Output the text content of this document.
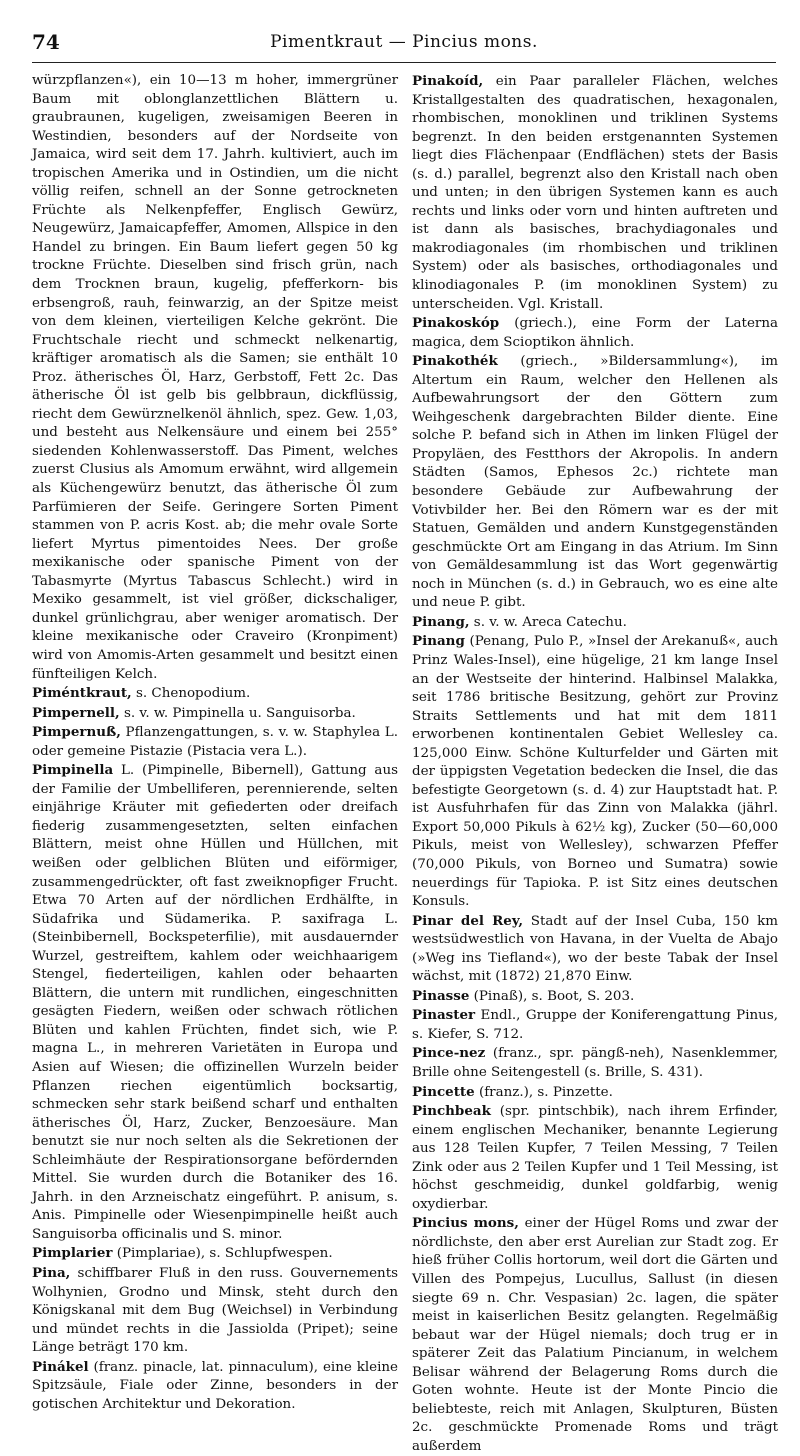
74	Pimentkraut — Pincius mons.

würzpflanzen«), ein 10—13 m hoher, immergrüner Baum mit oblonglanzettlichen Blättern u. graubraunen, kugeligen, zweisamigen Beeren in Westindien, besonders auf der Nordseite von Jamaica, wird seit dem 17. Jahrh. kultiviert, auch im tropischen Amerika und in Ostindien, um die nicht völlig reifen, schnell an der Sonne getrockneten Früchte als Nelkenpfeffer, Englisch Gewürz, Neugewürz, Jamaicapfeffer, Amomen, Allspice in den Handel zu bringen. Ein Baum liefert gegen 50 kg trockne Früchte. Dieselben sind frisch grün, nach dem Trocknen braun, kugelig, pfefferkorn- bis erbsengroß, rauh, feinwarzig, an der Spitze meist von dem kleinen, vierteiligen Kelche gekrönt. Die Fruchtschale riecht und schmeckt nelkenartig, kräftiger aromatisch als die Samen; sie enthält 10 Proz. ätherisches Öl, Harz, Gerbstoff, Fett 2c. Das ätherische Öl ist gelb bis gelbbraun, dickflüssig, riecht dem Gewürznelkenöl ähnlich, spez. Gew. 1,03, und besteht aus Nelkensäure und einem bei 255° siedenden Kohlenwasserstoff. Das Piment, welches zuerst Clusius als Amomum erwähnt, wird allgemein als Küchengewürz benutzt, das ätherische Öl zum Parfümieren der Seife. Geringere Sorten Piment stammen von P. acris Kost. ab; die mehr ovale Sorte liefert Myrtus pimentoides Nees. Der große mexikanische oder spanische Piment von der Tabasmyrte (Myrtus Tabascus Schlecht.) wird in Mexiko gesammelt, ist viel größer, dickschaliger, dunkel grünlichgrau, aber weniger aromatisch. Der kleine mexikanische oder Craveiro (Kronpiment) wird von Amomis-Arten gesammelt und besitzt einen fünfteiligen Kelch.

Piméntkraut, s. Chenopodium.

Pimpernell, s. v. w. Pimpinella u. Sanguisorba.

Pimpernuß, Pflanzengattungen, s. v. w. Staphylea L. oder gemeine Pistazie (Pistacia vera L.).

Pimpinella L. (Pimpinelle, Bibernell), Gattung aus der Familie der Umbelliferen, perennierende, selten einjährige Kräuter mit gefiederten oder dreifach fiederig zusammengesetzten, selten einfachen Blättern, meist ohne Hüllen und Hüllchen, mit weißen oder gelblichen Blüten und eiförmiger, zusammengedrückter, oft fast zweiknopfiger Frucht. Etwa 70 Arten auf der nördlichen Erdhälfte, in Südafrika und Südamerika. P. saxifraga L. (Steinbibernell, Bockspeterfilie), mit ausdauernder Wurzel, gestreiftem, kahlem oder weichhaarigem Stengel, fiederteiligen, kahlen oder behaarten Blättern, die untern mit rundlichen, eingeschnitten gesägten Fiedern, weißen oder schwach rötlichen Blüten und kahlen Früchten, findet sich, wie P. magna L., in mehreren Varietäten in Europa und Asien auf Wiesen; die offizinellen Wurzeln beider Pflanzen riechen eigentümlich bocksartig, schmecken sehr stark beißend scharf und enthalten ätherisches Öl, Harz, Zucker, Benzoesäure. Man benutzt sie nur noch selten als die Sekretionen der Schleimhäute der Respirationsorgane befördernden Mittel. Sie wurden durch die Botaniker des 16. Jahrh. in den Arzneischatz eingeführt. P. anisum, s. Anis. Pimpinelle oder Wiesenpimpinelle heißt auch Sanguisorba officinalis und S. minor.

Pimplarier (Pimplariae), s. Schlupfwespen.

Pina, schiffbarer Fluß in den russ. Gouvernements Wolhynien, Grodno und Minsk, steht durch den Königskanal mit dem Bug (Weichsel) in Verbindung und mündet rechts in die Jassiolda (Pripet); seine Länge beträgt 170 km.

Pinákel (franz. pinacle, lat. pinnaculum), eine kleine Spitzsäule, Fiale oder Zinne, besonders in der gotischen Architektur und Dekoration.

Pinakoíd, ein Paar paralleler Flächen, welches Kristallgestalten des quadratischen, hexagonalen, rhombischen, monoklinen und triklinen Systems begrenzt. In den beiden erstgenannten Systemen liegt dies Flächenpaar (Endflächen) stets der Basis (s. d.) parallel, begrenzt also den Kristall nach oben und unten; in den übrigen Systemen kann es auch rechts und links oder vorn und hinten auftreten und ist dann als basisches, brachydiagonales und makrodiagonales (im rhombischen und triklinen System) oder als basisches, orthodiagonales und klinodiagonales P. (im monoklinen System) zu unterscheiden. Vgl. Kristall.

Pinakoskóp (griech.), eine Form der Laterna magica, dem Scioptikon ähnlich.

Pinakothék (griech., »Bildersammlung«), im Altertum ein Raum, welcher den Hellenen als Aufbewahrungsort der den Göttern zum Weihgeschenk dargebrachten Bilder diente. Eine solche P. befand sich in Athen im linken Flügel der Propyläen, des Festthors der Akropolis. In andern Städten (Samos, Ephesos 2c.) richtete man besondere Gebäude zur Aufbewahrung der Votivbilder her. Bei den Römern war es der mit Statuen, Gemälden und andern Kunstgegenständen geschmückte Ort am Eingang in das Atrium. Im Sinn von Gemäldesammlung ist das Wort gegenwärtig noch in München (s. d.) in Gebrauch, wo es eine alte und neue P. gibt.

Pinang, s. v. w. Areca Catechu.

Pinang (Penang, Pulo P., »Insel der Arekanuß«, auch Prinz Wales-Insel), eine hügelige, 21 km lange Insel an der Westseite der hinterind. Halbinsel Malakka, seit 1786 britische Besitzung, gehört zur Provinz Straits Settlements und hat mit dem 1811 erworbenen kontinentalen Gebiet Wellesley ca. 125,000 Einw. Schöne Kulturfelder und Gärten mit der üppigsten Vegetation bedecken die Insel, die das befestigte Georgetown (s. d. 4) zur Hauptstadt hat. P. ist Ausfuhrhafen für das Zinn von Malakka (jährl. Export 50,000 Pikuls à 62½ kg), Zucker (50—60,000 Pikuls, meist von Wellesley), schwarzen Pfeffer (70,000 Pikuls, von Borneo und Sumatra) sowie neuerdings für Tapioka. P. ist Sitz eines deutschen Konsuls.

Pinar del Rey, Stadt auf der Insel Cuba, 150 km westsüdwestlich von Havana, in der Vuelta de Abajo (»Weg ins Tiefland«), wo der beste Tabak der Insel wächst, mit (1872) 21,870 Einw.

Pinasse (Pinaß), s. Boot, S. 203.

Pinaster Endl., Gruppe der Koniferengattung Pinus, s. Kiefer, S. 712.

Pince-nez (franz., spr. pängß-neh), Nasenklemmer, Brille ohne Seitengestell (s. Brille, S. 431).

Pincette (franz.), s. Pinzette.

Pinchbeak (spr. pintschbik), nach ihrem Erfinder, einem englischen Mechaniker, benannte Legierung aus 128 Teilen Kupfer, 7 Teilen Messing, 7 Teilen Zink oder aus 2 Teilen Kupfer und 1 Teil Messing, ist höchst geschmeidig, dunkel goldfarbig, wenig oxydierbar.

Pincius mons, einer der Hügel Roms und zwar der nördlichste, den aber erst Aurelian zur Stadt zog. Er hieß früher Collis hortorum, weil dort die Gärten und Villen des Pompejus, Lucullus, Sallust (in diesen siegte 69 n. Chr. Vespasian) 2c. lagen, die später meist in kaiserlichen Besitz gelangten. Regelmäßig bebaut war der Hügel niemals; doch trug er in späterer Zeit das Palatium Pincianum, in welchem Belisar während der Belagerung Roms durch die Goten wohnte. Heute ist der Monte Pincio die beliebteste, reich mit Anlagen, Skulpturen, Büsten 2c. geschmückte Promenade Roms und trägt außerdem
